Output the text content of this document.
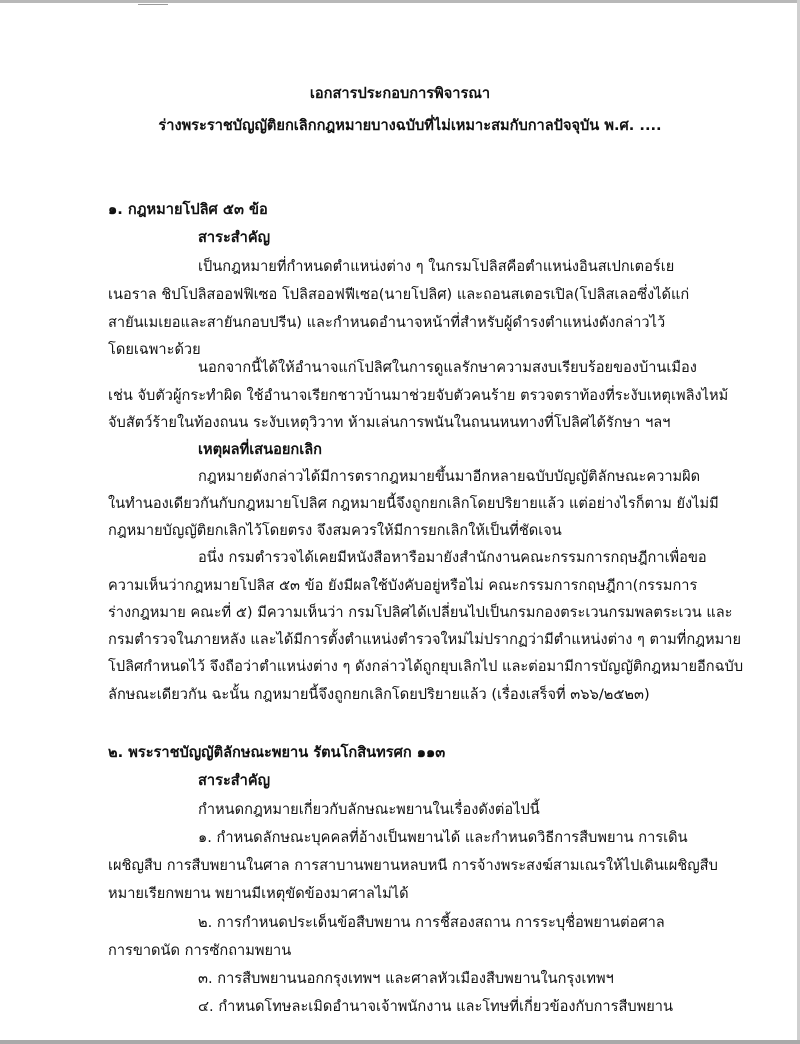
เอกสารประกอบการพิจารณา
ร่างพระราชบัญญัติยกเลิกกฎหมายบางฉบับที่ไม่เหมาะสมกับกาลปัจจุบัน พ.ศ. ....
๑. กฎหมายโปลิศ ๕๓ ข้อ
สาระสำคัญ
เป็นกฎหมายที่กำหนดตำแหน่งต่าง ๆ ในกรมโปลิสคือตำแหน่งอินสเปกเตอร์เย
เนอราล ชิปโปลิสออฟฟิเซอ โปลิสออฟฟีเซอ(นายโปลิศ) และถอนสเตอรเปิล(โปลิสเลอซึ่งได้แก่
สายันเมเยอและสายันกอบปรีน) และกำหนดอำนาจหน้าที่สำหรับผู้ดำรงตำแหน่งดังกล่าวไว้
โดยเฉพาะด้วย
นอกจากนี้ได้ให้อำนาจแก่โปลิศในการดูแลรักษาความสงบเรียบร้อยของบ้านเมือง
เช่น จับตัวผู้กระทำผิด ใช้อำนาจเรียกชาวบ้านมาช่วยจับตัวคนร้าย ตรวจตราท้องที่ระงับเหตุเพลิงไหม้
จับสัตว์ร้ายในท้องถนน ระงับเหตุวิวาท ห้ามเล่นการพนันในถนนหนทางที่โปลิศได้รักษา ฯลฯ
เหตุผลที่เสนอยกเลิก
กฎหมายดังกล่าวได้มีการตรากฎหมายขึ้นมาอีกหลายฉบับบัญญัติลักษณะความผิด
ในทำนองเดียวกันกับกฎหมายโปลิศ กฎหมายนี้จึงถูกยกเลิกโดยปริยายแล้ว แต่อย่างไรก็ตาม ยังไม่มี
กฎหมายบัญญัติยกเลิกไว้โดยตรง จึงสมควรให้มีการยกเลิกให้เป็นที่ชัดเจน
อนึ่ง กรมตำรวจได้เคยมีหนังสือหารือมายังสำนักงานคณะกรรมการกฤษฎีกาเพื่อขอ
ความเห็นว่ากฎหมายโปลิส ๕๓ ข้อ ยังมีผลใช้บังคับอยู่หรือไม่ คณะกรรมการกฤษฎีกา(กรรมการ
ร่างกฎหมาย คณะที่ ๕) มีความเห็นว่า กรมโปลิศได้เปลี่ยนไปเป็นกรมกองตระเวนกรมพลตระเวน และ
กรมตำรวจในภายหลัง และได้มีการตั้งตำแหน่งตำรวจใหม่ไม่ปรากฏว่ามีตำแหน่งต่าง ๆ ตามที่กฎหมาย
โปลิศกำหนดไว้ จึงถือว่าตำแหน่งต่าง ๆ ดังกล่าวได้ถูกยุบเลิกไป และต่อมามีการบัญญัติกฎหมายอีกฉบับ
ลักษณะเดียวกัน ฉะนั้น กฎหมายนี้จึงถูกยกเลิกโดยปริยายแล้ว (เรื่องเสร็จที่ ๓๖๖/๒๕๒๓)
๒. พระราชบัญญัติลักษณะพยาน รัตนโกสินทรศก ๑๑๓
สาระสำคัญ
กำหนดกฎหมายเกี่ยวกับลักษณะพยานในเรื่องดังต่อไปนี้
๑. กำหนดลักษณะบุคคลที่อ้างเป็นพยานได้ และกำหนดวิธีการสืบพยาน การเดิน
เผชิญสืบ การสืบพยานในศาล การสาบานพยานหลบหนี การจ้างพระสงฆ์สามเณรให้ไปเดินเผชิญสืบ
หมายเรียกพยาน พยานมีเหตุขัดข้องมาศาลไม่ได้
๒. การกำหนดประเด็นข้อสืบพยาน การชี้สองสถาน การระบุชื่อพยานต่อศาล
การขาดนัด การซักถามพยาน
๓. การสืบพยานนอกกรุงเทพฯ และศาลหัวเมืองสืบพยานในกรุงเทพฯ
๔. กำหนดโทษละเมิดอำนาจเจ้าพนักงาน และโทษที่เกี่ยวข้องกับการสืบพยาน
